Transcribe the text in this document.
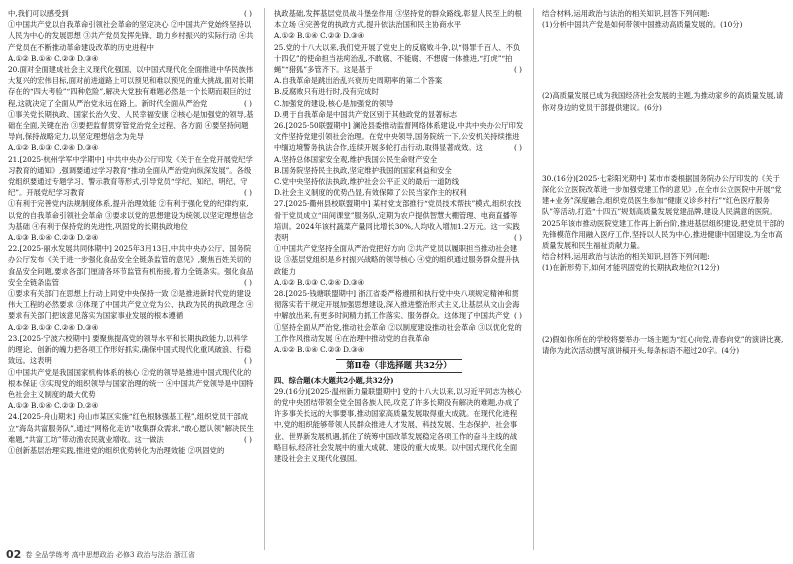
中,我们可以感受到	( )

①中国共产党以自我革命引领社会革命的坚定决心 ②中国共产党始终坚持以人民为中心的发展思想 ③共产党员发挥先锋、助力乡村振兴的实际行动 ④共产党员在不断推动革命建设改革的历史进程中

A.①② B.①④ C.②③ D.③④

20.面对全面建成社会主义现代化强国、以中国式现代化全面推进中华民族伟大复兴的宏伟目标,面对前进道路上可以预见和难以预见的重大挑战,面对长期存在的“四大考验”“四种危险”,解决大党独有难题必然是一个长期而艰巨的过程,这就决定了全面从严治党永远在路上。新时代全面从严治党	( )

①事关党长期执政、国家长治久安、人民幸福安康 ②核心是加强党的领导,基础在全面,关键在治 ③要把监督贯穿管党治党全过程、各方面 ④要坚持问题导向,保持战略定力,以坚定理想信念为先导

A.①② B.①③ C.②④ D.③④

21.[2025·杭州学军中学期中] 中共中央办公厅印发《关于在全党开展党纪学习教育的通知》,强调要通过学习教育“推动全面从严治党向纵深发展”。各级党组织要通过专题学习、警示教育等形式,引导党员“学纪、知纪、明纪、守纪”。开展党纪学习教育	( )

①有利于完善党内法规制度体系,提升治理效能 ②有利于强化党的纪律约束,以党的自我革命引领社会革命 ③要求以党的思想建设为统领,以坚定理想信念为基础 ④有利于保持党的先进性,巩固党的长期执政地位

A.①③ B.①④ C.②③ D.②④

22.[2025·丽水发展共同体期中] 2025年3月13日,中共中央办公厅、国务院办公厅发布《关于进一步强化食品安全全链条监管的意见》,聚焦百姓关切的食品安全问题,要求各部门厘清各环节监管有机衔接,着力全链条实。强化食品安全全链条监管	( )

①要求有关部门在思想上行动上同党中央保持一致 ②是推进新时代党的建设伟大工程的必然要求 ③体现了中国共产党立党为公、执政为民的执政理念 ④要求有关部门把该意见落实为国家事业发展的根本遵循

A.①② B.①③ C.②④ D.③④

23.[2025·宁波六校期中] 要聚焦提高党的领导水平和长期执政能力,以科学的理论、创新的魄力把各项工作形好抓实,确保中国式现代化重风破浪、行稳致远。这表明	( )

①中国共产党是我国国家机构体系的核心 ②党的领导是推进中国式现代化的根本保证 ③实现党的组织领导与国家治理的统一 ④中国共产党领导是中国特色社会主义制度的最大优势

A.①③ B.①④ C.②③ D.②④

24.[2025·舟山期末] 舟山市某区实施“红色根脉强基工程”,组织党员干部成立“海岛共富服务队”,通过“网格化走访”收集群众需求,“敢心愿认领”解决民生难题,“共富工坊”带动渔农民就业增收。这一做法	( )

①创新基层治理实践,推进党的组织优势转化为治理效能 ②巩固党的

执政基础,发挥基层党员战斗堡垒作用 ③坚持党的群众路线,彰显人民至上的根本立场 ④完善党的执政方式,提升依法治国和民主协商水平

A.①② B.①④ C.②③ D.③④

25.党的十八大以来,我们党开展了党史上的反腐败斗争,以“得罪千百人、不负十四亿”的使命担当祛疴治乱,不敢腐、不能腐、不想腐一体推进,“打虎”“拍蝇”“猎狐”多管齐下。这是基于	( )

A.自我革命是跳出治乱兴衰历史周期率的第二个答案

B.反腐败只有进行时,没有完成时

C.加强党的建设,核心是加强党的领导

D.勇于自我革命是中国共产党区别于其他政党的显著标志

26.[2025·50联盟期中] 澜沧县委推动监督网络体系建设,中共中央办公厅印发文件坚持党建引领社会治理。在党中央领导,国务院统一下,公安机关持续推进中缅边境警务执法合作,连续开展多轮打击行动,取得显著成效。这	( )

A.坚持总体国家安全观,维护我国公民生命财产安全

B.国务院坚持民主执政,坚定维护我国的国家利益和安全

C.党中央坚持依法执政,维护社会公平正义的最后一道防线

D.社会主义制度的优势凸显,有效保障了公民当家作主的权利

27.[2025·衢州县校联盟期中] 某村党支部推行“党员技术帮扶”模式,组织农技骨干党员成立“田间课堂”服务队,定期为农户提供智慧大棚管理、电商直播等培训。2024年该村蔬菜产量同比增长30%,人均收入增加1.2万元。这一实践表明	( )

①中国共产党坚持全面从严治党把好方向 ②共产党员以履职担当推动社会建设 ③基层党组织是乡村振兴战略的领导核心 ④党的组织通过服务群众提升执政能力

A.①② B.①③ C.②④ D.③④

28.[2025·钱塘联盟期中] 浙江省委严格遵照和执行党中央八项规定精神和贯彻落实若干规定开展加强思想建设,深入推进整治形式主义,让基层从文山会海中解放出来,有更多时间精力抓工作落实、服务群众。这体现了中国共产党 ( )

①坚持全面从严治党,推动社会革命 ②以制度建设推动社会革命 ③以优化党的工作作风推动发展 ④在治理中推动党的自我革命

A.①② B.①④ C.②③ D.③④

第Ⅱ卷（非选择题 共32分）

四、综合题(本大题共2小题,共32分)

29.(16分)[2025·温州新力量联盟期中] 党的十八大以来,以习近平同志为核心的党中央团结带领全党全国各族人民,攻克了许多长期没有解决的难题,办成了许多事关长远的大事要事,推动国家高质量发展取得重大成就。在现代化进程中,党的组织能够带领人民群众推进人才发展、科技发展、生态保护、社会事业、世界新发展机遇,抓住了统筹中国改革发展稳定各项工作的奋斗主线的战略目标,经济社会发展中的重大成就、建设的重大成果。以中国式现代化全面建设社会主义现代化强国。

结合材料,运用政治与法治的相关知识,回答下列问题:

(1)分析中国共产党是如何带领中国推动高质量发展的。(10分)

(2)高质量发展已成为我国经济社会发展的主题,为推动家乡的高质量发展,请你对身边的党员干部提供建议。(6分)

30.(16分)[2025·七彩阳光期中] 某市市委根据国务院办公厅印发的《关于深化公立医院改革进一步加强党建工作的意见》,在全市公立医院中开展“党建+业务”深度融合,组织党员医生参加“健康义诊乡村行”“红色医疗服务队”等活动,打造“十四五”规划高质量发展党建品牌,建设人民满意的医院。2025年该市推动医院党建工作再上新台阶,推进基层组织建设,把党员干部的先锋模范作用融入医疗工作,坚持以人民为中心,推进健康中国建设,为全市高质量发展和民生福祉贡献力量。

结合材料,运用政治与法治的相关知识,回答下列问题:

(1)在新形势下,如何才能巩固党的长期执政地位?(12分)

(2)假如你所在的学校将要举办一场主题为“红心向党,青春向党”的演讲比赛,请你为此次活动撰写演讲稿开头,每条标语不超过20字。(4分)

02 卷 全品学练考 高中思想政治 必修3 政治与法治 浙江省
